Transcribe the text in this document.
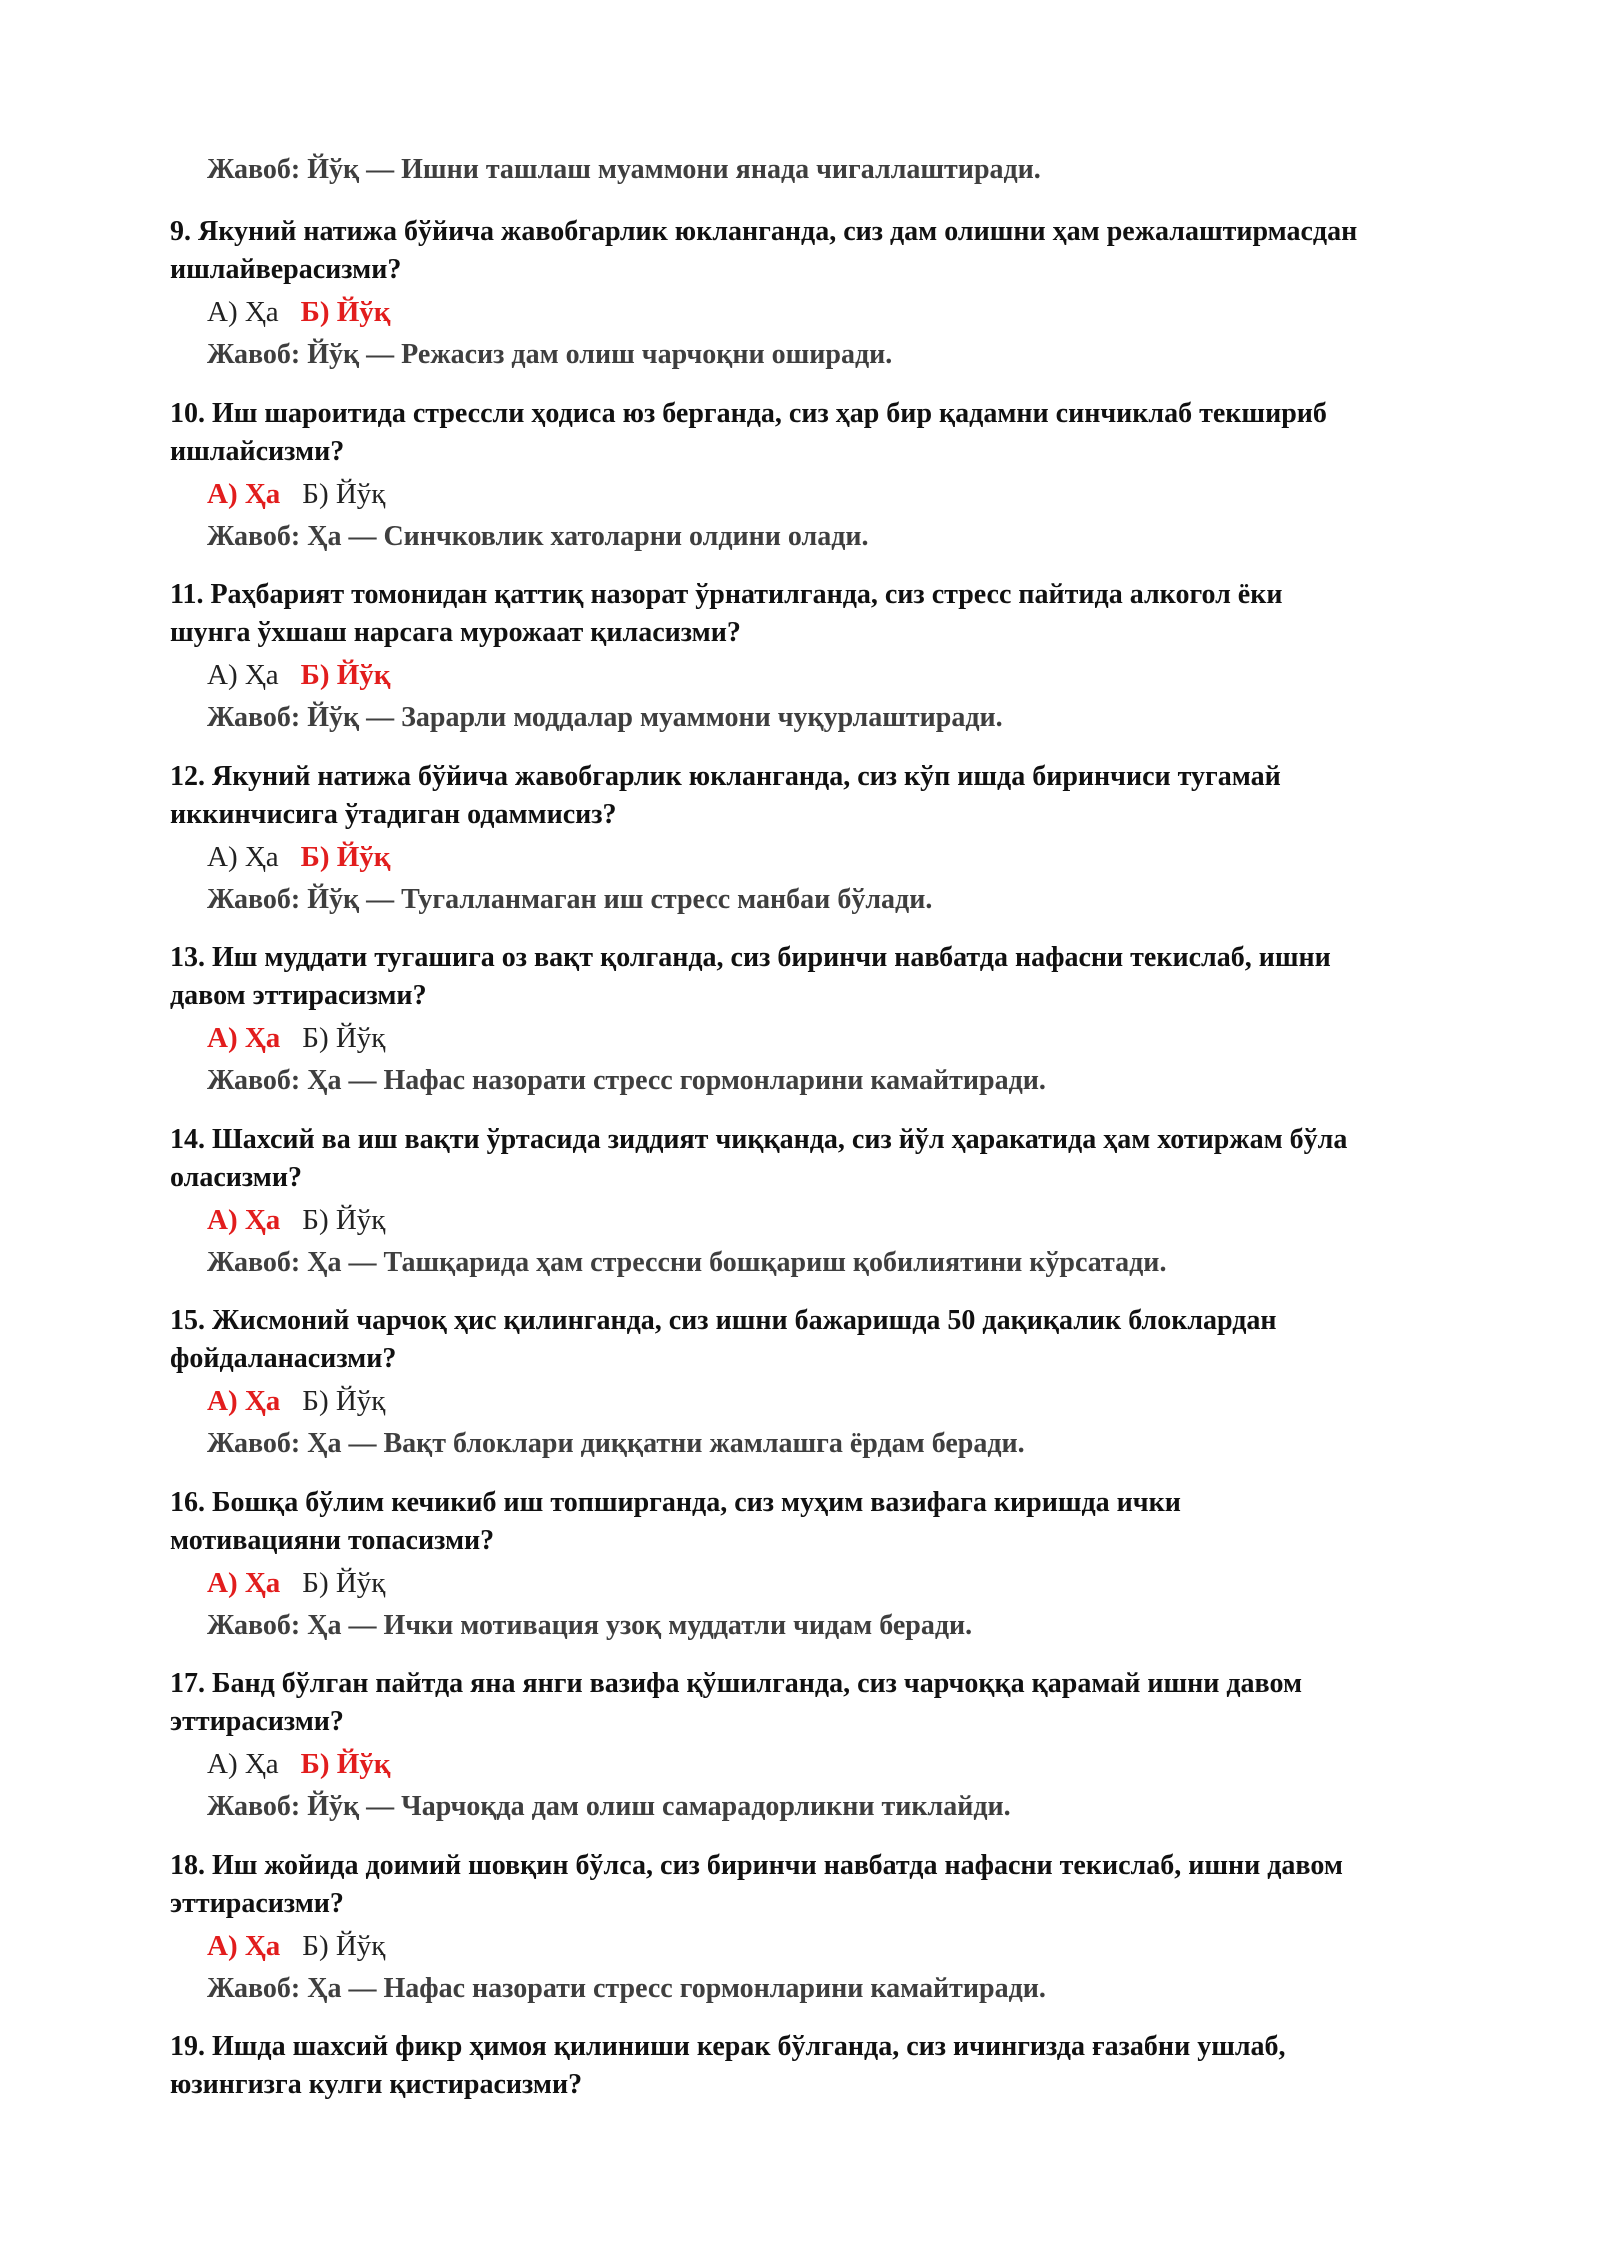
Жавоб: Йўқ — Ишни ташлаш муаммони янада чигаллаштиради.
9. Якуний натижа бўйича жавобгарлик юкланганда, сиз дам олишни ҳам режалаштирмасдан
ишлайверасизми?
А) Ҳа Б) Йўқ
Жавоб: Йўқ — Режасиз дам олиш чарчоқни оширади.
10. Иш шароитида стрессли ҳодиса юз берганда, сиз ҳар бир қадамни синчиклаб текшириб
ишлайсизми?
А) Ҳа Б) Йўқ
Жавоб: Ҳа — Синчковлик хатоларни олдини олади.
11. Раҳбарият томонидан қаттиқ назорат ўрнатилганда, сиз стресс пайтида алкогол ёки
шунга ўхшаш нарсага мурожаат қиласизми?
А) Ҳа Б) Йўқ
Жавоб: Йўқ — Зарарли моддалар муаммони чуқурлаштиради.
12. Якуний натижа бўйича жавобгарлик юкланганда, сиз кўп ишда биринчиси тугамай
иккинчисига ўтадиган одаммисиз?
А) Ҳа Б) Йўқ
Жавоб: Йўқ — Тугалланмаган иш стресс манбаи бўлади.
13. Иш муддати тугашига оз вақт қолганда, сиз биринчи навбатда нафасни текислаб, ишни
давом эттирасизми?
А) Ҳа Б) Йўқ
Жавоб: Ҳа — Нафас назорати стресс гормонларини камайтиради.
14. Шахсий ва иш вақти ўртасида зиддият чиққанда, сиз йўл ҳаракатида ҳам хотиржам бўла
оласизми?
А) Ҳа Б) Йўқ
Жавоб: Ҳа — Ташқарида ҳам стрессни бошқариш қобилиятини кўрсатади.
15. Жисмоний чарчоқ ҳис қилинганда, сиз ишни бажаришда 50 дақиқалик блоклардан
фойдаланасизми?
А) Ҳа Б) Йўқ
Жавоб: Ҳа — Вақт блоклари диққатни жамлашга ёрдам беради.
16. Бошқа бўлим кечикиб иш топширганда, сиз муҳим вазифага киришда ички
мотивацияни топасизми?
А) Ҳа Б) Йўқ
Жавоб: Ҳа — Ички мотивация узоқ муддатли чидам беради.
17. Банд бўлган пайтда яна янги вазифа қўшилганда, сиз чарчоққа қарамай ишни давом
эттирасизми?
А) Ҳа Б) Йўқ
Жавоб: Йўқ — Чарчоқда дам олиш самарадорликни тиклайди.
18. Иш жойида доимий шовқин бўлса, сиз биринчи навбатда нафасни текислаб, ишни давом
эттирасизми?
А) Ҳа Б) Йўқ
Жавоб: Ҳа — Нафас назорати стресс гормонларини камайтиради.
19. Ишда шахсий фикр ҳимоя қилиниши керак бўлганда, сиз ичингизда ғазабни ушлаб,
юзингизга кулги қистирасизми?
